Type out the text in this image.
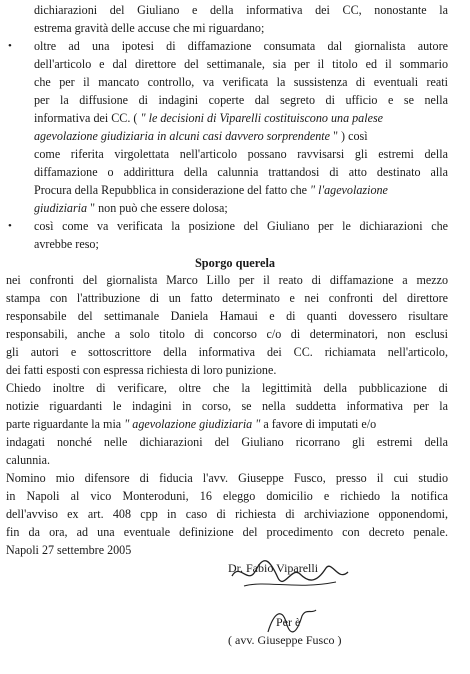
dichiarazioni del Giuliano e della informativa dei CC, nonostante la
estrema gravità delle accuse che mi riguardano;
• oltre ad una ipotesi di diffamazione consumata dal giornalista autore
dell'articolo e dal direttore del settimanale, sia per il titolo ed il sommario
che per il mancato controllo, va verificata la sussistenza di eventuali reati
per la diffusione di indagini coperte dal segreto di ufficio e se nella
informativa dei CC. ( " le decisioni di Viparelli costituiscono una palese
agevolazione giudiziaria in alcuni casi davvero sorprendente " ) così
come riferita virgolettata nell'articolo possano ravvisarsi gli estremi della
diffamazione o addirittura della calunnia trattandosi di atto destinato alla
Procura della Repubblica in considerazione del fatto che " l'agevolazione
giudiziaria " non può che essere dolosa;
• così come va verificata la posizione del Giuliano per le dichiarazioni che
avrebbe reso;
Sporgo querela
nei confronti del giornalista Marco Lillo per il reato di diffamazione a mezzo
stampa con l'attribuzione di un fatto determinato e nei confronti del direttore
responsabile del settimanale Daniela Hamaui e di quanti dovessero risultare
responsabili, anche a solo titolo di concorso c/o di determinatori, non esclusi
gli autori e sottoscrittore della informativa dei CC. richiamata nell'articolo,
dei fatti esposti con espressa richiesta di loro punizione.
Chiedo inoltre di verificare, oltre che la legittimità della pubblicazione di
notizie riguardanti le indagini in corso, se nella suddetta informativa per la
parte riguardante la mia " agevolazione giudiziaria " a favore di imputati e/o
indagati nonché nelle dichiarazioni del Giuliano ricorrano gli estremi della
calunnia.
Nomino mio difensore di fiducia l'avv. Giuseppe Fusco, presso il cui studio
in Napoli al vico Monteroduni, 16 eleggo domicilio e richiedo la notifica
dell'avviso ex art. 408 cpp in caso di richiesta di archiviazione opponendomi,
fin da ora, ad una eventuale definizione del procedimento con decreto penale.
Napoli 27 settembre 2005
Dr. Fabio Viparelli
Per è
( avv. Giuseppe Fusco )
